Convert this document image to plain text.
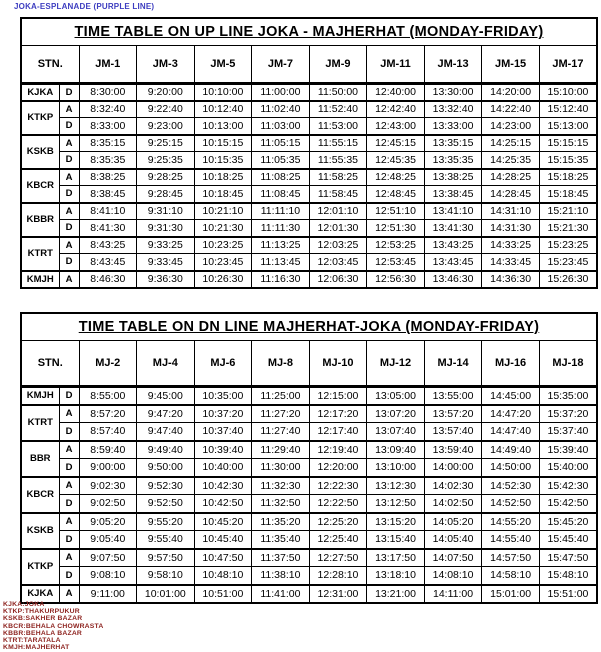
JOKA-ESPLANADE (PURPLE LINE)
TIME TABLE ON UP LINE JOKA - MAJHERHAT (MONDAY-FRIDAY)										
STN.		JM-1	JM-3	JM-5	JM-7	JM-9	JM-11	JM-13	JM-15	JM-17
KJKA	D	8:30:00	9:20:00	10:10:00	11:00:00	11:50:00	12:40:00	13:30:00	14:20:00	15:10:00
KTKP	A	8:32:40	9:22:40	10:12:40	11:02:40	11:52:40	12:42:40	13:32:40	14:22:40	15:12:40
	D	8:33:00	9:23:00	10:13:00	11:03:00	11:53:00	12:43:00	13:33:00	14:23:00	15:13:00
KSKB	A	8:35:15	9:25:15	10:15:15	11:05:15	11:55:15	12:45:15	13:35:15	14:25:15	15:15:15
	D	8:35:35	9:25:35	10:15:35	11:05:35	11:55:35	12:45:35	13:35:35	14:25:35	15:15:35
KBCR	A	8:38:25	9:28:25	10:18:25	11:08:25	11:58:25	12:48:25	13:38:25	14:28:25	15:18:25
	D	8:38:45	9:28:45	10:18:45	11:08:45	11:58:45	12:48:45	13:38:45	14:28:45	15:18:45
KBBR	A	8:41:10	9:31:10	10:21:10	11:11:10	12:01:10	12:51:10	13:41:10	14:31:10	15:21:10
	D	8:41:30	9:31:30	10:21:30	11:11:30	12:01:30	12:51:30	13:41:30	14:31:30	15:21:30
KTRT	A	8:43:25	9:33:25	10:23:25	11:13:25	12:03:25	12:53:25	13:43:25	14:33:25	15:23:25
	D	8:43:45	9:33:45	10:23:45	11:13:45	12:03:45	12:53:45	13:43:45	14:33:45	15:23:45
KMJH	A	8:46:30	9:36:30	10:26:30	11:16:30	12:06:30	12:56:30	13:46:30	14:36:30	15:26:30
TIME TABLE ON DN LINE MAJHERHAT-JOKA (MONDAY-FRIDAY)										
STN.		MJ-2	MJ-4	MJ-6	MJ-8	MJ-10	MJ-12	MJ-14	MJ-16	MJ-18
KMJH	D	8:55:00	9:45:00	10:35:00	11:25:00	12:15:00	13:05:00	13:55:00	14:45:00	15:35:00
KTRT	A	8:57:20	9:47:20	10:37:20	11:27:20	12:17:20	13:07:20	13:57:20	14:47:20	15:37:20
	D	8:57:40	9:47:40	10:37:40	11:27:40	12:17:40	13:07:40	13:57:40	14:47:40	15:37:40
BBR	A	8:59:40	9:49:40	10:39:40	11:29:40	12:19:40	13:09:40	13:59:40	14:49:40	15:39:40
	D	9:00:00	9:50:00	10:40:00	11:30:00	12:20:00	13:10:00	14:00:00	14:50:00	15:40:00
KBCR	A	9:02:30	9:52:30	10:42:30	11:32:30	12:22:30	13:12:30	14:02:30	14:52:30	15:42:30
	D	9:02:50	9:52:50	10:42:50	11:32:50	12:22:50	13:12:50	14:02:50	14:52:50	15:42:50
KSKB	A	9:05:20	9:55:20	10:45:20	11:35:20	12:25:20	13:15:20	14:05:20	14:55:20	15:45:20
	D	9:05:40	9:55:40	10:45:40	11:35:40	12:25:40	13:15:40	14:05:40	14:55:40	15:45:40
KTKP	A	9:07:50	9:57:50	10:47:50	11:37:50	12:27:50	13:17:50	14:07:50	14:57:50	15:47:50
	D	9:08:10	9:58:10	10:48:10	11:38:10	12:28:10	13:18:10	14:08:10	14:58:10	15:48:10
KJKA	A	9:11:00	10:01:00	10:51:00	11:41:00	12:31:00	13:21:00	14:11:00	15:01:00	15:51:00
KJKA:JOKA
KTKP:THAKURPUKUR
KSKB:SAKHER BAZAR
KBCR:BEHALA CHOWRASTA
KBBR:BEHALA BAZAR
KTRT:TARATALA
KMJH:MAJHERHAT
